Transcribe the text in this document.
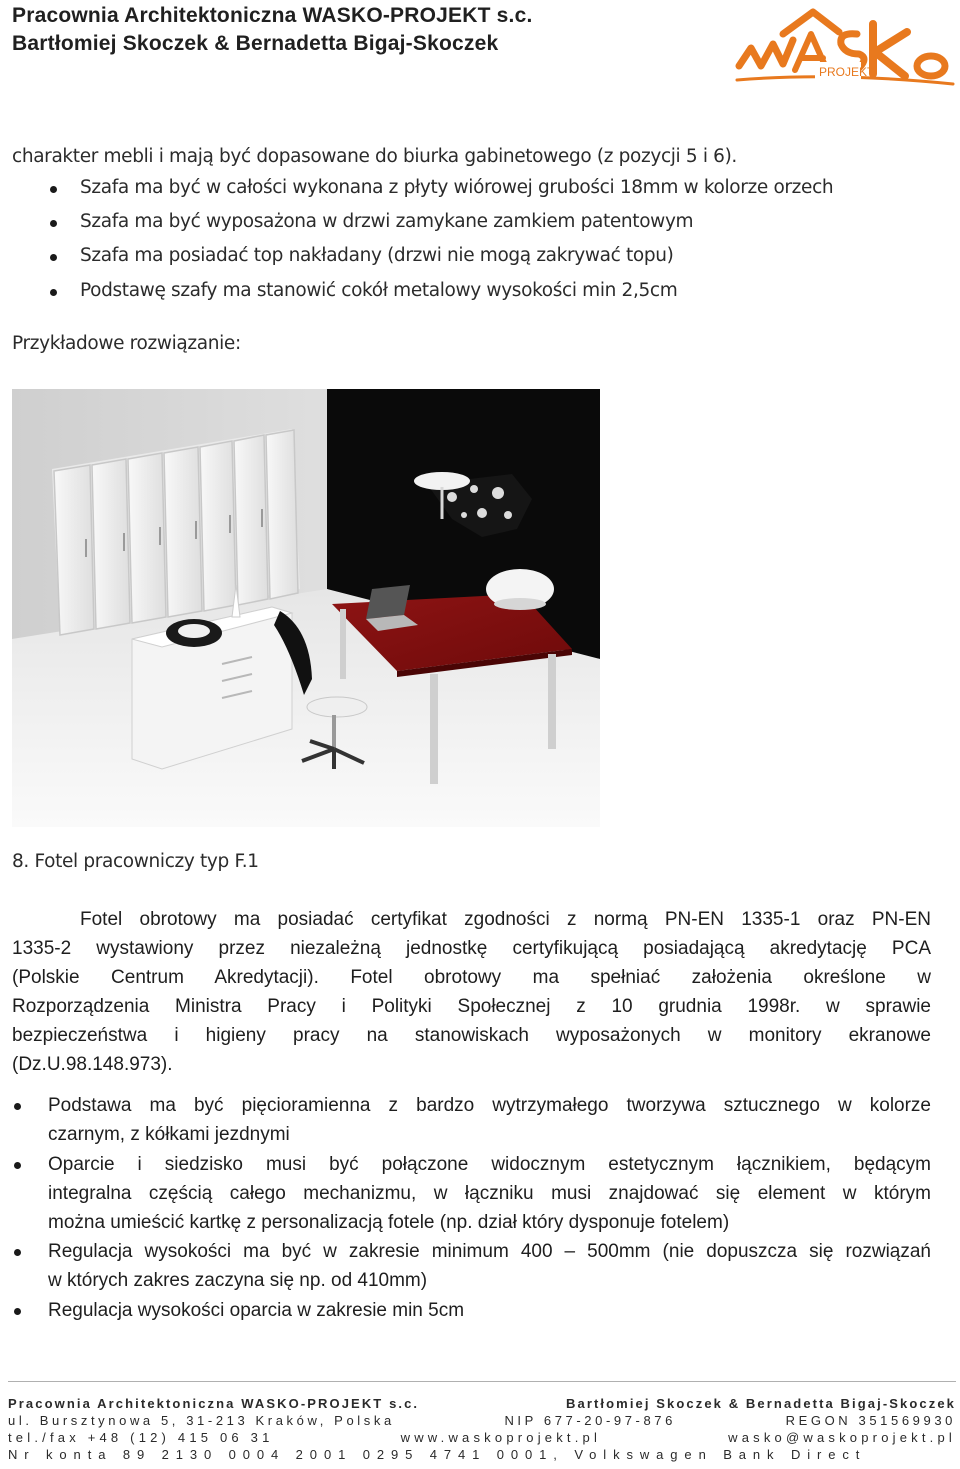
Pracownia Architektoniczna WASKO-PROJEKT s.c.
Bartłomiej Skoczek & Bernadetta Bigaj-Skoczek
PROJEKT
charakter mebli i mają być dopasowane do biurka gabinetowego (z pozycji 5 i 6).
Szafa ma być w całości wykonana z płyty wiórowej grubości 18mm w kolorze orzech
Szafa ma być wyposażona w drzwi zamykane zamkiem patentowym
Szafa ma posiadać top nakładany (drzwi nie mogą zakrywać topu)
Podstawę szafy ma stanowić cokół metalowy wysokości min 2,5cm
Przykładowe rozwiązanie:
8. Fotel pracowniczy typ F.1
Fotel obrotowy ma posiadać certyfikat zgodności z normą PN-EN 1335-1 oraz PN-EN
1335-2 wystawiony przez niezależną jednostkę certyfikującą posiadającą akredytację PCA
(Polskie Centrum Akredytacji). Fotel obrotowy ma spełniać założenia określone w
Rozporządzenia Ministra Pracy i Polityki Społecznej z 10 grudnia 1998r. w sprawie
bezpieczeństwa i higieny pracy na stanowiskach wyposażonych w monitory ekranowe
(Dz.U.98.148.973).
Podstawa ma być pięcioramienna z bardzo wytrzymałego tworzywa sztucznego w kolorze
czarnym, z kółkami jezdnymi
Oparcie i siedzisko musi być połączone widocznym estetycznym łącznikiem, będącym
integralna częścią całego mechanizmu, w łączniku musi znajdować się element w którym
można umieścić kartkę z personalizacją fotele (np. dział który dysponuje fotelem)
Regulacja wysokości ma być w zakresie minimum 400 – 500mm (nie dopuszcza się rozwiązań
w których zakres zaczyna się np. od 410mm)
Regulacja wysokości oparcia w zakresie min 5cm
Pracownia Architektoniczna WASKO-PROJEKT s.c.	Bartłomiej Skoczek & Bernadetta Bigaj-Skoczek
ul. Bursztynowa 5, 31-213 Kraków, Polska	NIP 677-20-97-876	REGON 351569930
tel./fax +48 (12) 415 06 31	www.waskoprojekt.pl	wasko@waskoprojekt.pl
Nr konta 89 2130 0004 2001 0295 4741 0001, Volkswagen Bank Direct
